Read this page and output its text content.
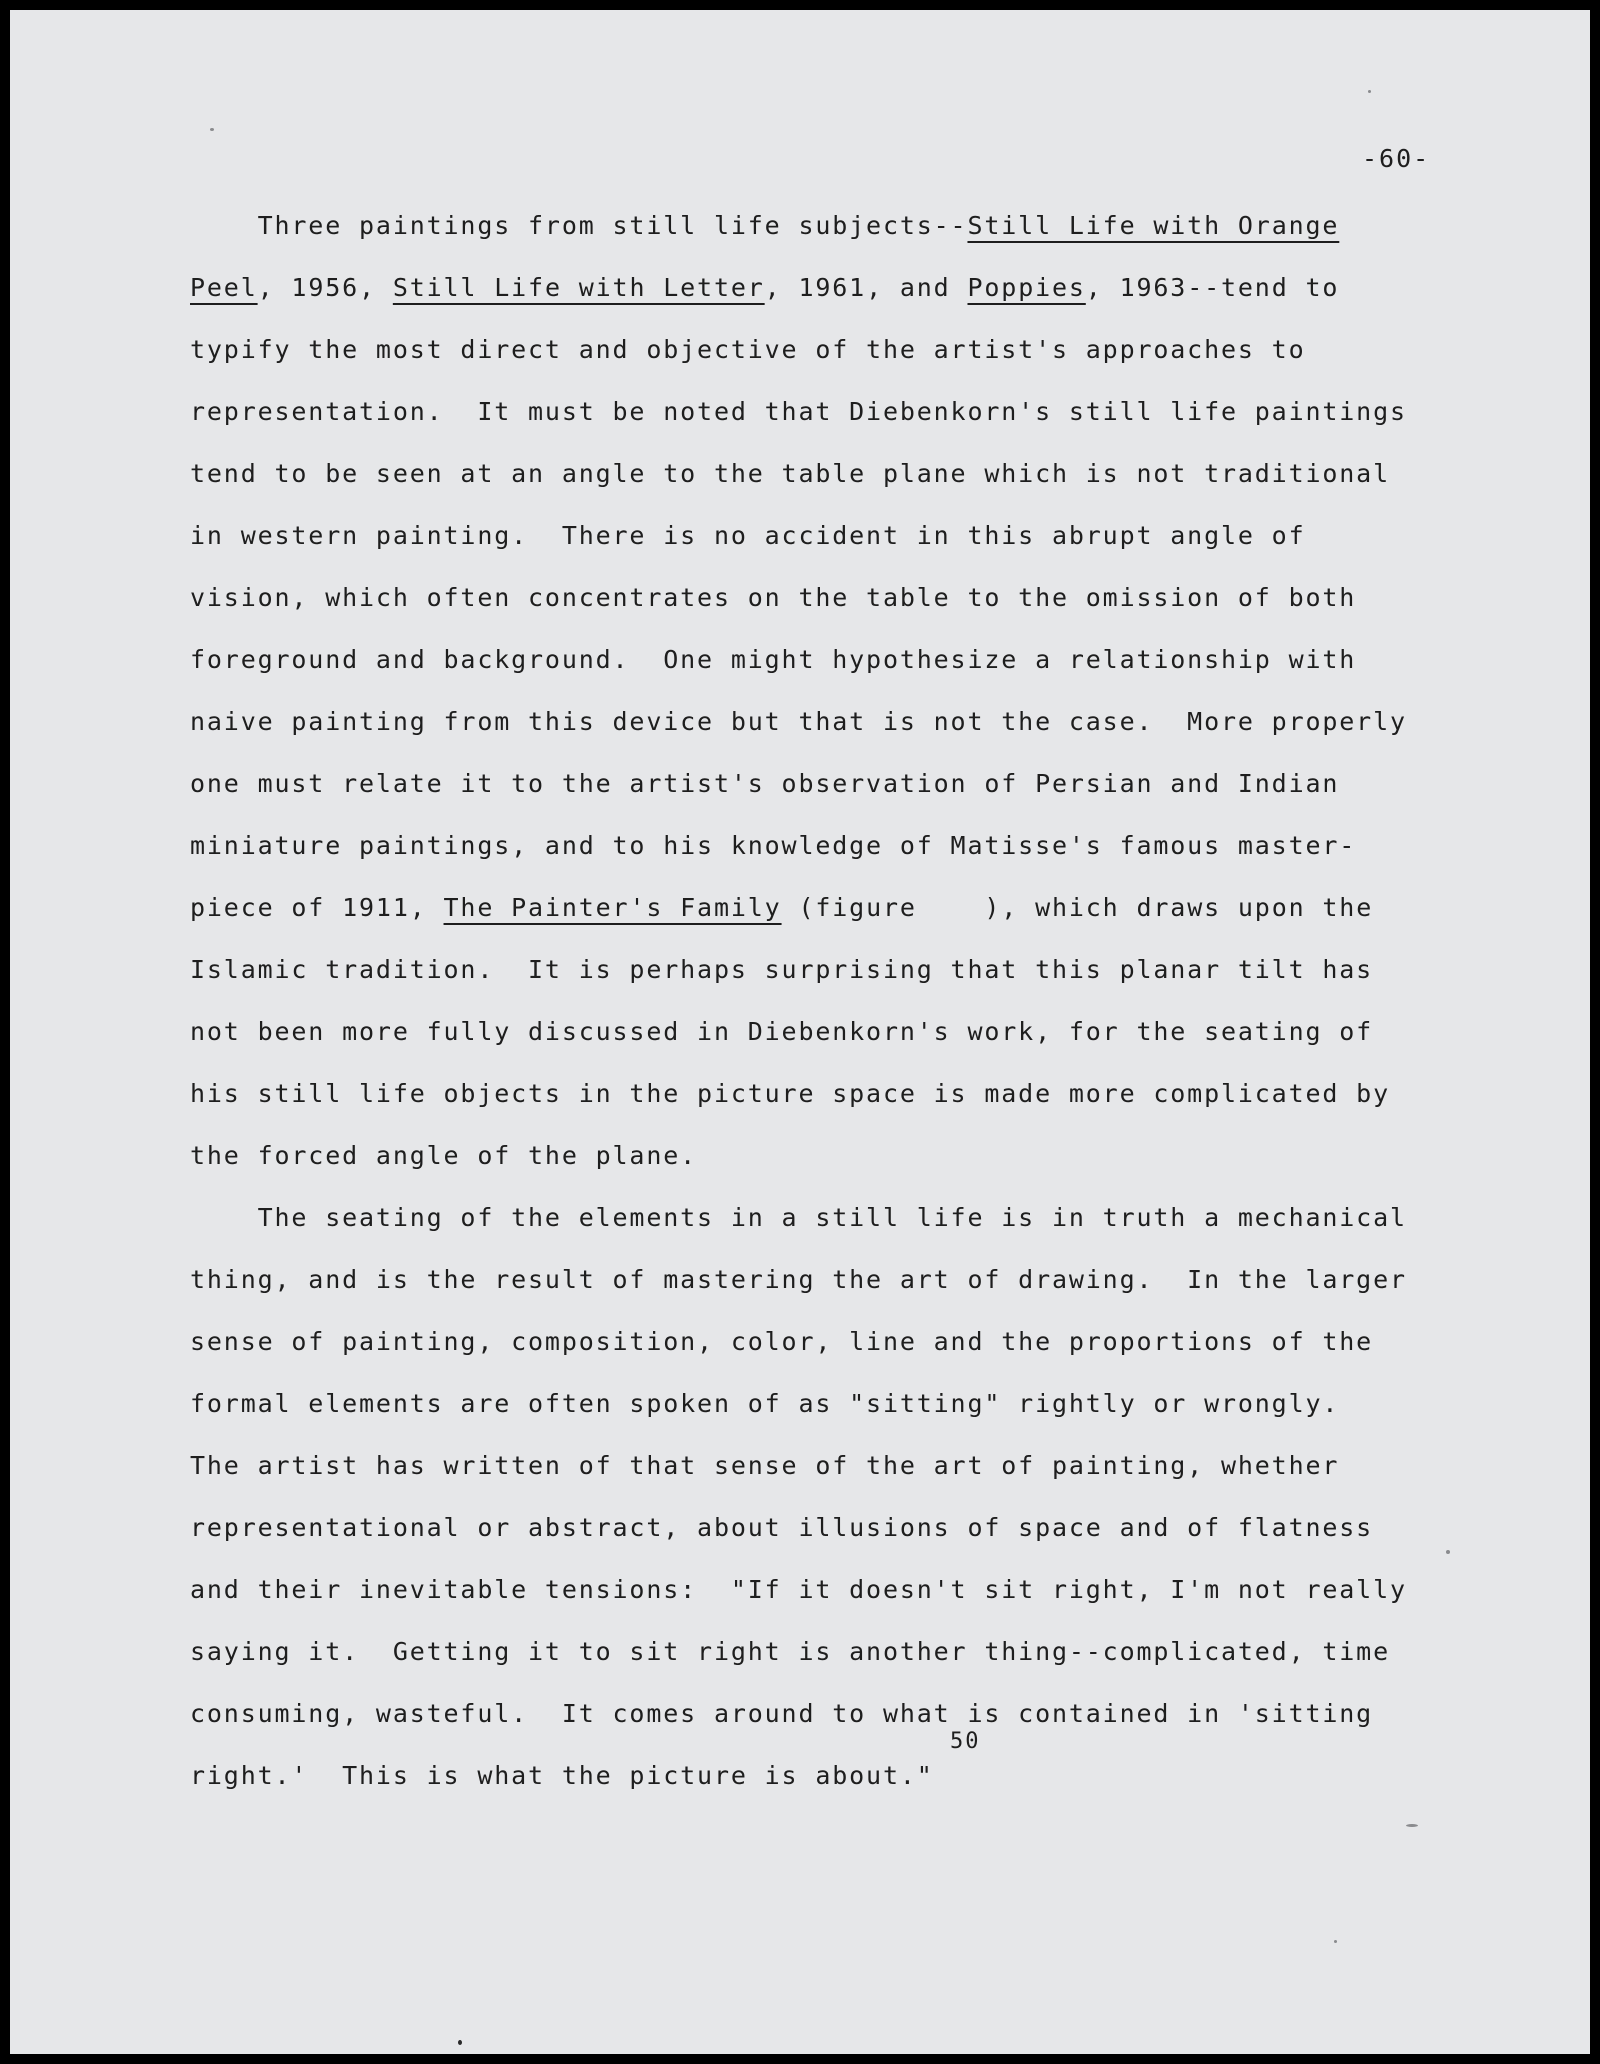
-60-
Three paintings from still life subjects--Still Life with Orange
Peel, 1956, Still Life with Letter, 1961, and Poppies, 1963--tend to
typify the most direct and objective of the artist's approaches to
representation.  It must be noted that Diebenkorn's still life paintings
tend to be seen at an angle to the table plane which is not traditional
in western painting.  There is no accident in this abrupt angle of
vision, which often concentrates on the table to the omission of both
foreground and background.  One might hypothesize a relationship with
naive painting from this device but that is not the case.  More properly
one must relate it to the artist's observation of Persian and Indian
miniature paintings, and to his knowledge of Matisse's famous master-
piece of 1911, The Painter's Family (figure    ), which draws upon the
Islamic tradition.  It is perhaps surprising that this planar tilt has
not been more fully discussed in Diebenkorn's work, for the seating of
his still life objects in the picture space is made more complicated by
the forced angle of the plane.
The seating of the elements in a still life is in truth a mechanical
thing, and is the result of mastering the art of drawing.  In the larger
sense of painting, composition, color, line and the proportions of the
formal elements are often spoken of as "sitting" rightly or wrongly.
The artist has written of that sense of the art of painting, whether
representational or abstract, about illusions of space and of flatness
and their inevitable tensions:  "If it doesn't sit right, I'm not really
saying it.  Getting it to sit right is another thing--complicated, time
consuming, wasteful.  It comes around to what is contained in 'sitting
right.'  This is what the picture is about."
50
